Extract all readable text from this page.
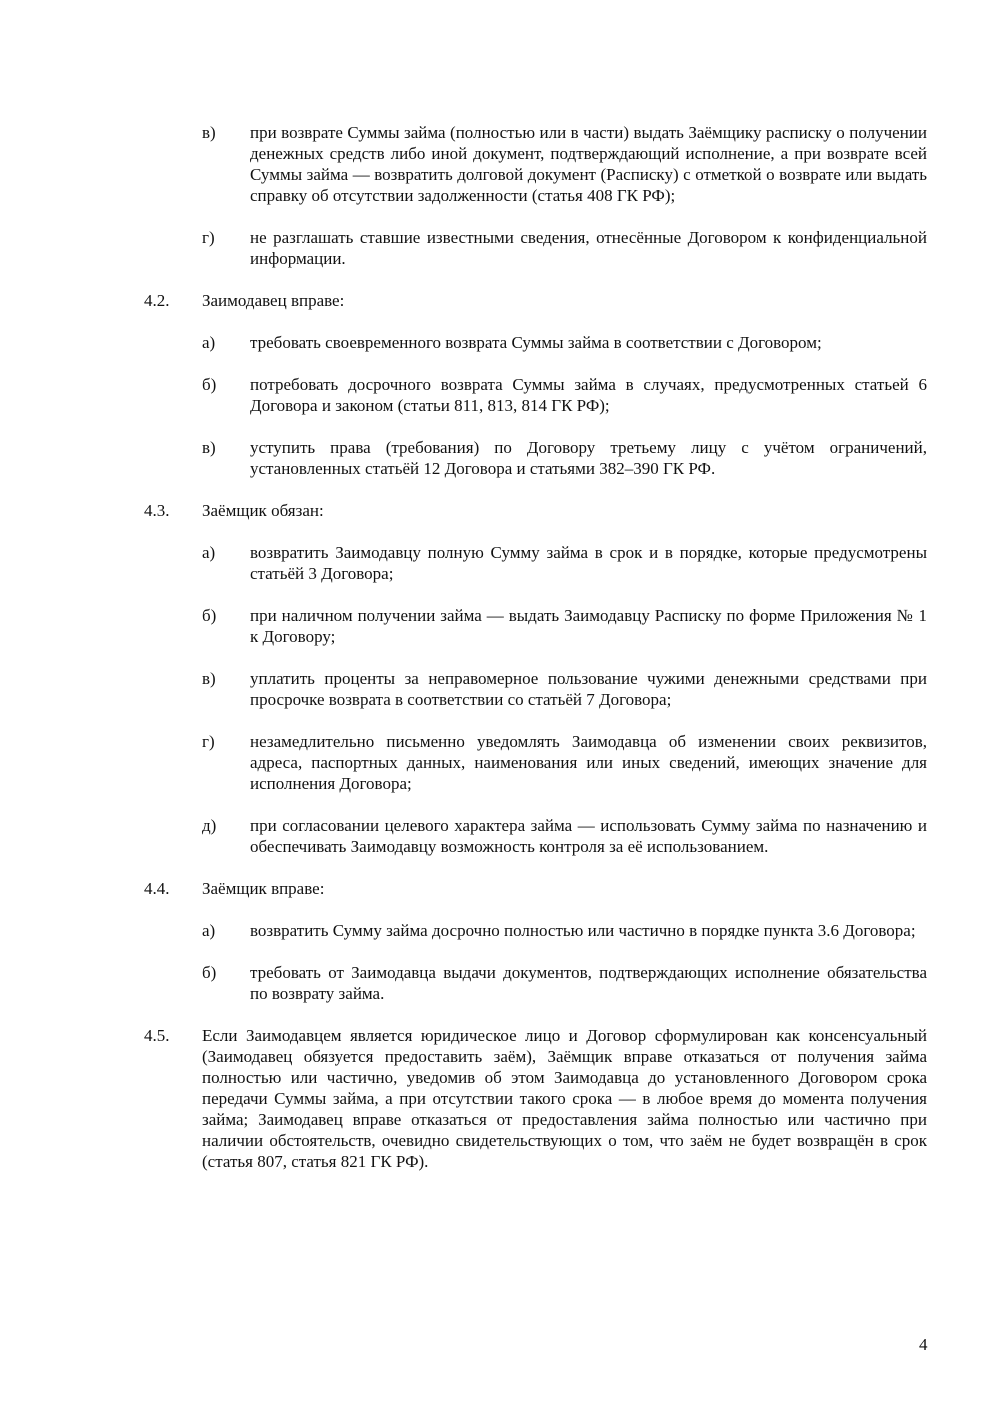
в) при возврате Суммы займа (полностью или в части) выдать Заёмщику расписку о получении денежных средств либо иной документ, подтверждающий исполнение, а при возврате всей Суммы займа — возвратить долговой документ (Расписку) с отметкой о возврате или выдать справку об отсутствии задолженности (статья 408 ГК РФ);
г) не разглашать ставшие известными сведения, отнесённые Договором к конфиденциальной информации.
4.2. Заимодавец вправе:
а) требовать своевременного возврата Суммы займа в соответствии с Договором;
б) потребовать досрочного возврата Суммы займа в случаях, предусмотренных статьей 6 Договора и законом (статьи 811, 813, 814 ГК РФ);
в) уступить права (требования) по Договору третьему лицу с учётом ограничений, установленных статьёй 12 Договора и статьями 382–390 ГК РФ.
4.3. Заёмщик обязан:
а) возвратить Заимодавцу полную Сумму займа в срок и в порядке, которые предусмотрены статьёй 3 Договора;
б) при наличном получении займа — выдать Заимодавцу Расписку по форме Приложения № 1 к Договору;
в) уплатить проценты за неправомерное пользование чужими денежными средствами при просрочке возврата в соответствии со статьёй 7 Договора;
г) незамедлительно письменно уведомлять Заимодавца об изменении своих реквизитов, адреса, паспортных данных, наименования или иных сведений, имеющих значение для исполнения Договора;
д) при согласовании целевого характера займа — использовать Сумму займа по назначению и обеспечивать Заимодавцу возможность контроля за её использованием.
4.4. Заёмщик вправе:
а) возвратить Сумму займа досрочно полностью или частично в порядке пункта 3.6 Договора;
б) требовать от Заимодавца выдачи документов, подтверждающих исполнение обязательства по возврату займа.
4.5. Если Заимодавцем является юридическое лицо и Договор сформулирован как консенсуальный (Заимодавец обязуется предоставить заём), Заёмщик вправе отказаться от получения займа полностью или частично, уведомив об этом Заимодавца до установленного Договором срока передачи Суммы займа, а при отсутствии такого срока — в любое время до момента получения займа; Заимодавец вправе отказаться от предоставления займа полностью или частично при наличии обстоятельств, очевидно свидетельствующих о том, что заём не будет возвращён в срок (статья 807, статья 821 ГК РФ).
4
